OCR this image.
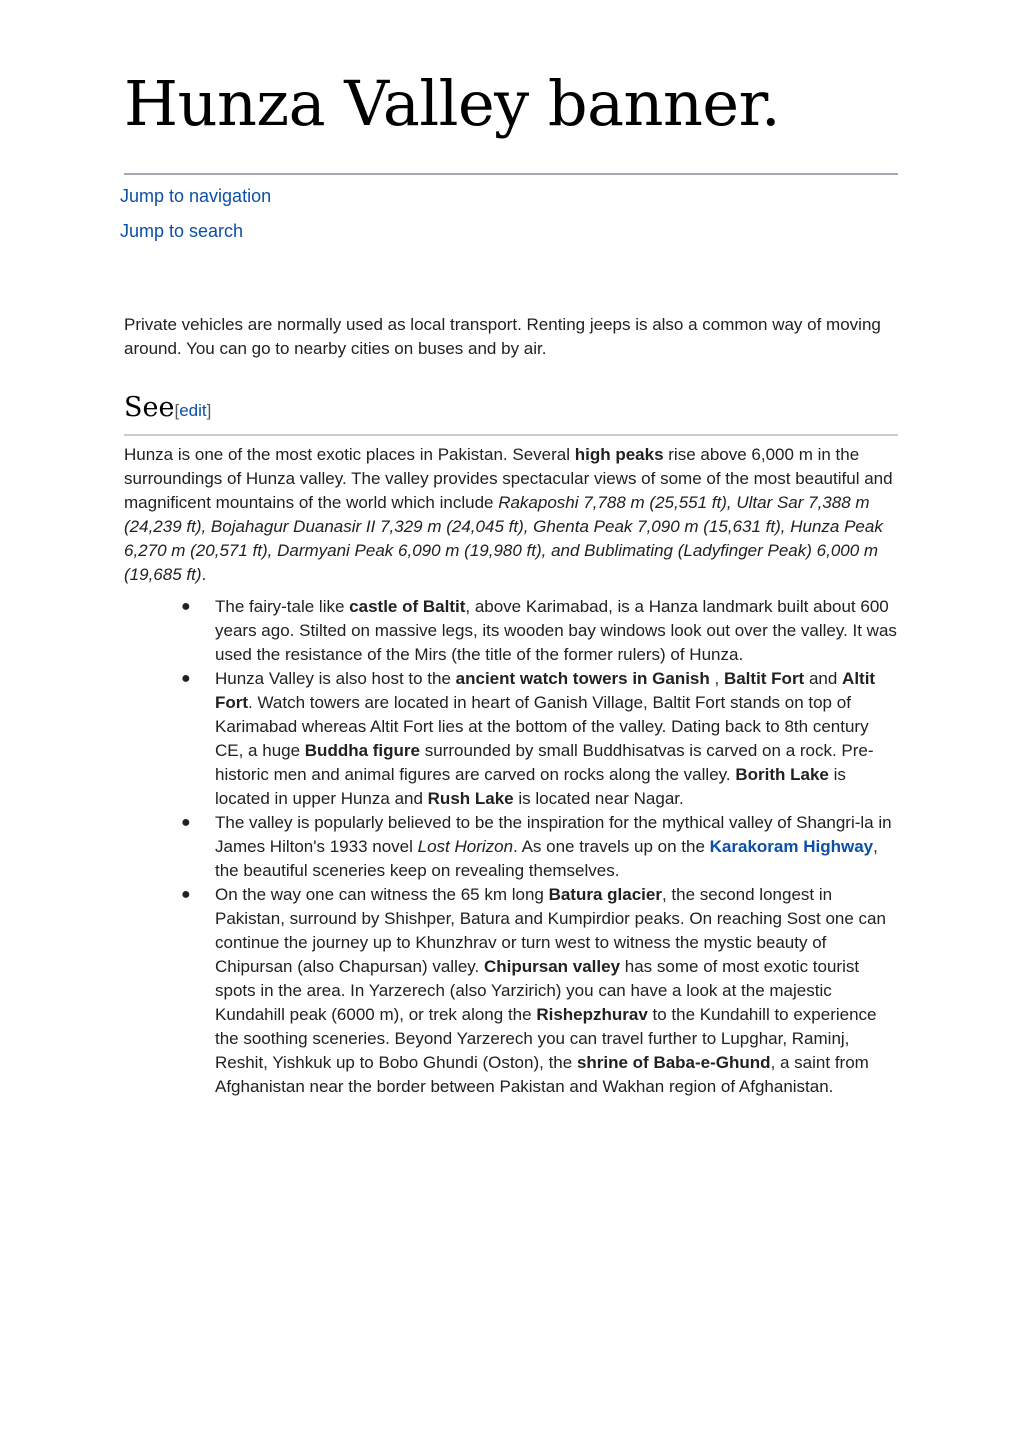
Hunza Valley banner.
Jump to navigation
Jump to search

Private vehicles are normally used as local transport. Renting jeeps is also a common way of moving around. You can go to nearby cities on buses and by air.

See[edit]

Hunza is one of the most exotic places in Pakistan. Several high peaks rise above 6,000 m in the surroundings of Hunza valley. The valley provides spectacular views of some of the most beautiful and magnificent mountains of the world which include Rakaposhi 7,788 m (25,551 ft), Ultar Sar 7,388 m (24,239 ft), Bojahagur Duanasir II 7,329 m (24,045 ft), Ghenta Peak 7,090 m (15,631 ft), Hunza Peak 6,270 m (20,571 ft), Darmyani Peak 6,090 m (19,980 ft), and Bublimating (Ladyfinger Peak) 6,000 m (19,685 ft).

● The fairy-tale like castle of Baltit, above Karimabad, is a Hanza landmark built about 600 years ago. Stilted on massive legs, its wooden bay windows look out over the valley. It was used the resistance of the Mirs (the title of the former rulers) of Hunza.
● Hunza Valley is also host to the ancient watch towers in Ganish , Baltit Fort and Altit Fort. Watch towers are located in heart of Ganish Village, Baltit Fort stands on top of Karimabad whereas Altit Fort lies at the bottom of the valley. Dating back to 8th century CE, a huge Buddha figure surrounded by small Buddhisatvas is carved on a rock. Pre-historic men and animal figures are carved on rocks along the valley. Borith Lake is located in upper Hunza and Rush Lake is located near Nagar.
● The valley is popularly believed to be the inspiration for the mythical valley of Shangri-la in James Hilton's 1933 novel Lost Horizon. As one travels up on the Karakoram Highway, the beautiful sceneries keep on revealing themselves.
● On the way one can witness the 65 km long Batura glacier, the second longest in Pakistan, surround by Shishper, Batura and Kumpirdior peaks. On reaching Sost one can continue the journey up to Khunzhrav or turn west to witness the mystic beauty of Chipursan (also Chapursan) valley. Chipursan valley has some of most exotic tourist spots in the area. In Yarzerech (also Yarzirich) you can have a look at the majestic Kundahill peak (6000 m), or trek along the Rishepzhurav to the Kundahill to experience the soothing sceneries. Beyond Yarzerech you can travel further to Lupghar, Raminj, Reshit, Yishkuk up to Bobo Ghundi (Oston), the shrine of Baba-e-Ghund, a saint from Afghanistan near the border between Pakistan and Wakhan region of Afghanistan.
